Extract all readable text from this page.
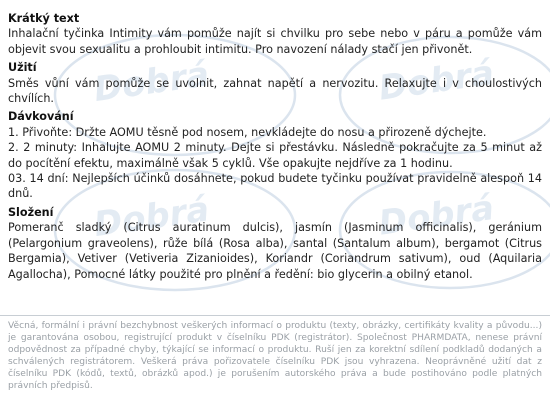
Dobrá	Dobrá
Dobrá	Dobrá
Krátký text

Inhalační tyčinka Intimity vám pomůže najít si chvilku pro sebe nebo v páru a pomůže vám objevit svou sexualitu a prohloubit intimitu. Pro navození nálady stačí jen přivonět.

Užití

Směs vůní vám pomůže se uvolnit, zahnat napětí a nervozitu. Relaxujte i v choulostivých chvílích.

Dávkování

1. Přivoňte: Držte AOMU těsně pod nosem, nevkládejte do nosu a přirozeně dýchejte.

2. 2 minuty: Inhalujte AOMU 2 minuty. Dejte si přestávku. Následně pokračujte za 5 minut až do pocítění efektu, maximálně však 5 cyklů. Vše opakujte nejdříve za 1 hodinu.

03. 14 dní: Nejlepších účinků dosáhnete, pokud budete tyčinku používat pravidelně alespoň 14 dnů.

Složení

Pomeranč sladký (Citrus auratinum dulcis), jasmín (Jasminum officinalis), geránium (Pelargonium graveolens), růže bílá (Rosa alba), santal (Santalum album), bergamot (Citrus Bergamia), Vetiver (Vetiveria Zizanioides), Koriandr (Coriandrum sativum), oud (Aquilaria Agallocha), Pomocné látky použité pro plnění a ředění: bio glycerin a obilný etanol.

Věcná, formální i právní bezchybnost veškerých informací o produktu (texty, obrázky, certifikáty kvality a původu...) je garantována osobou, registrující produkt v číselníku PDK (registrátor). Společnost PHARMDATA, nenese právní odpovědnost za případné chyby, týkající se informací o produktu. Ruší jen za korektní sdílení podkladů dodaných a schválených registrátorem. Veškerá práva pořizovatele číselníku PDK jsou vyhrazena. Neoprávněné užití dat z číselníku PDK (kódů, textů, obrázků apod.) je porušením autorského práva a bude postihováno podle platných právních předpisů.
